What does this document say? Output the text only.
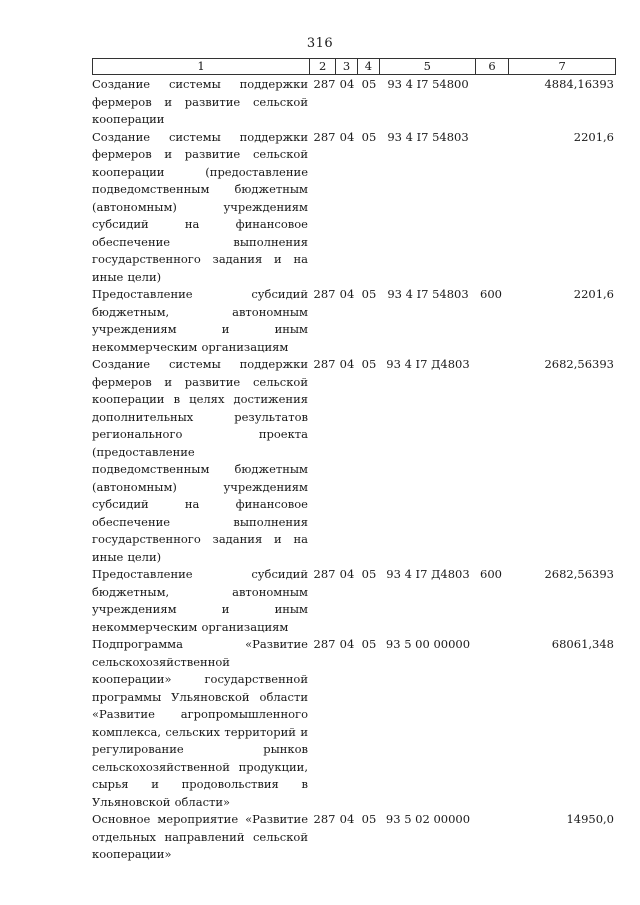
316
1	2	3	4	5	6	7
Создание системы поддержки фермеров и развитие сельской кооперации
287 04 05 93 4 I7 54800	4884,16393
Создание системы поддержки фермеров и развитие сельской кооперации (предоставление подведомственным бюджетным (автономным) учреждениям субсидий на финансовое обеспечение выполнения государственного задания и на иные цели)
287 04 05 93 4 I7 54803	2201,6
Предоставление субсидий бюджетным, автономным учреждениям и иным некоммерческим организациям
287 04 05 93 4 I7 54803 600	2201,6
Создание системы поддержки фермеров и развитие сельской кооперации в целях достижения дополнительных результатов регионального проекта (предоставление подведомственным бюджетным (автономным) учреждениям субсидий на финансовое обеспечение выполнения государственного задания и на иные цели)
287 04 05 93 4 I7 Д4803	2682,56393
Предоставление субсидий бюджетным, автономным учреждениям и иным некоммерческим организациям
287 04 05 93 4 I7 Д4803 600	2682,56393
Подпрограмма «Развитие сельскохозяйственной кооперации» государственной программы Ульяновской области «Развитие агропромышленного комплекса, сельских территорий и регулирование рынков сельскохозяйственной продукции, сырья и продовольствия в Ульяновской области»
287 04 05 93 5 00 00000	68061,348
Основное мероприятие «Развитие отдельных направлений сельской кооперации»
287 04 05 93 5 02 00000	14950,0
